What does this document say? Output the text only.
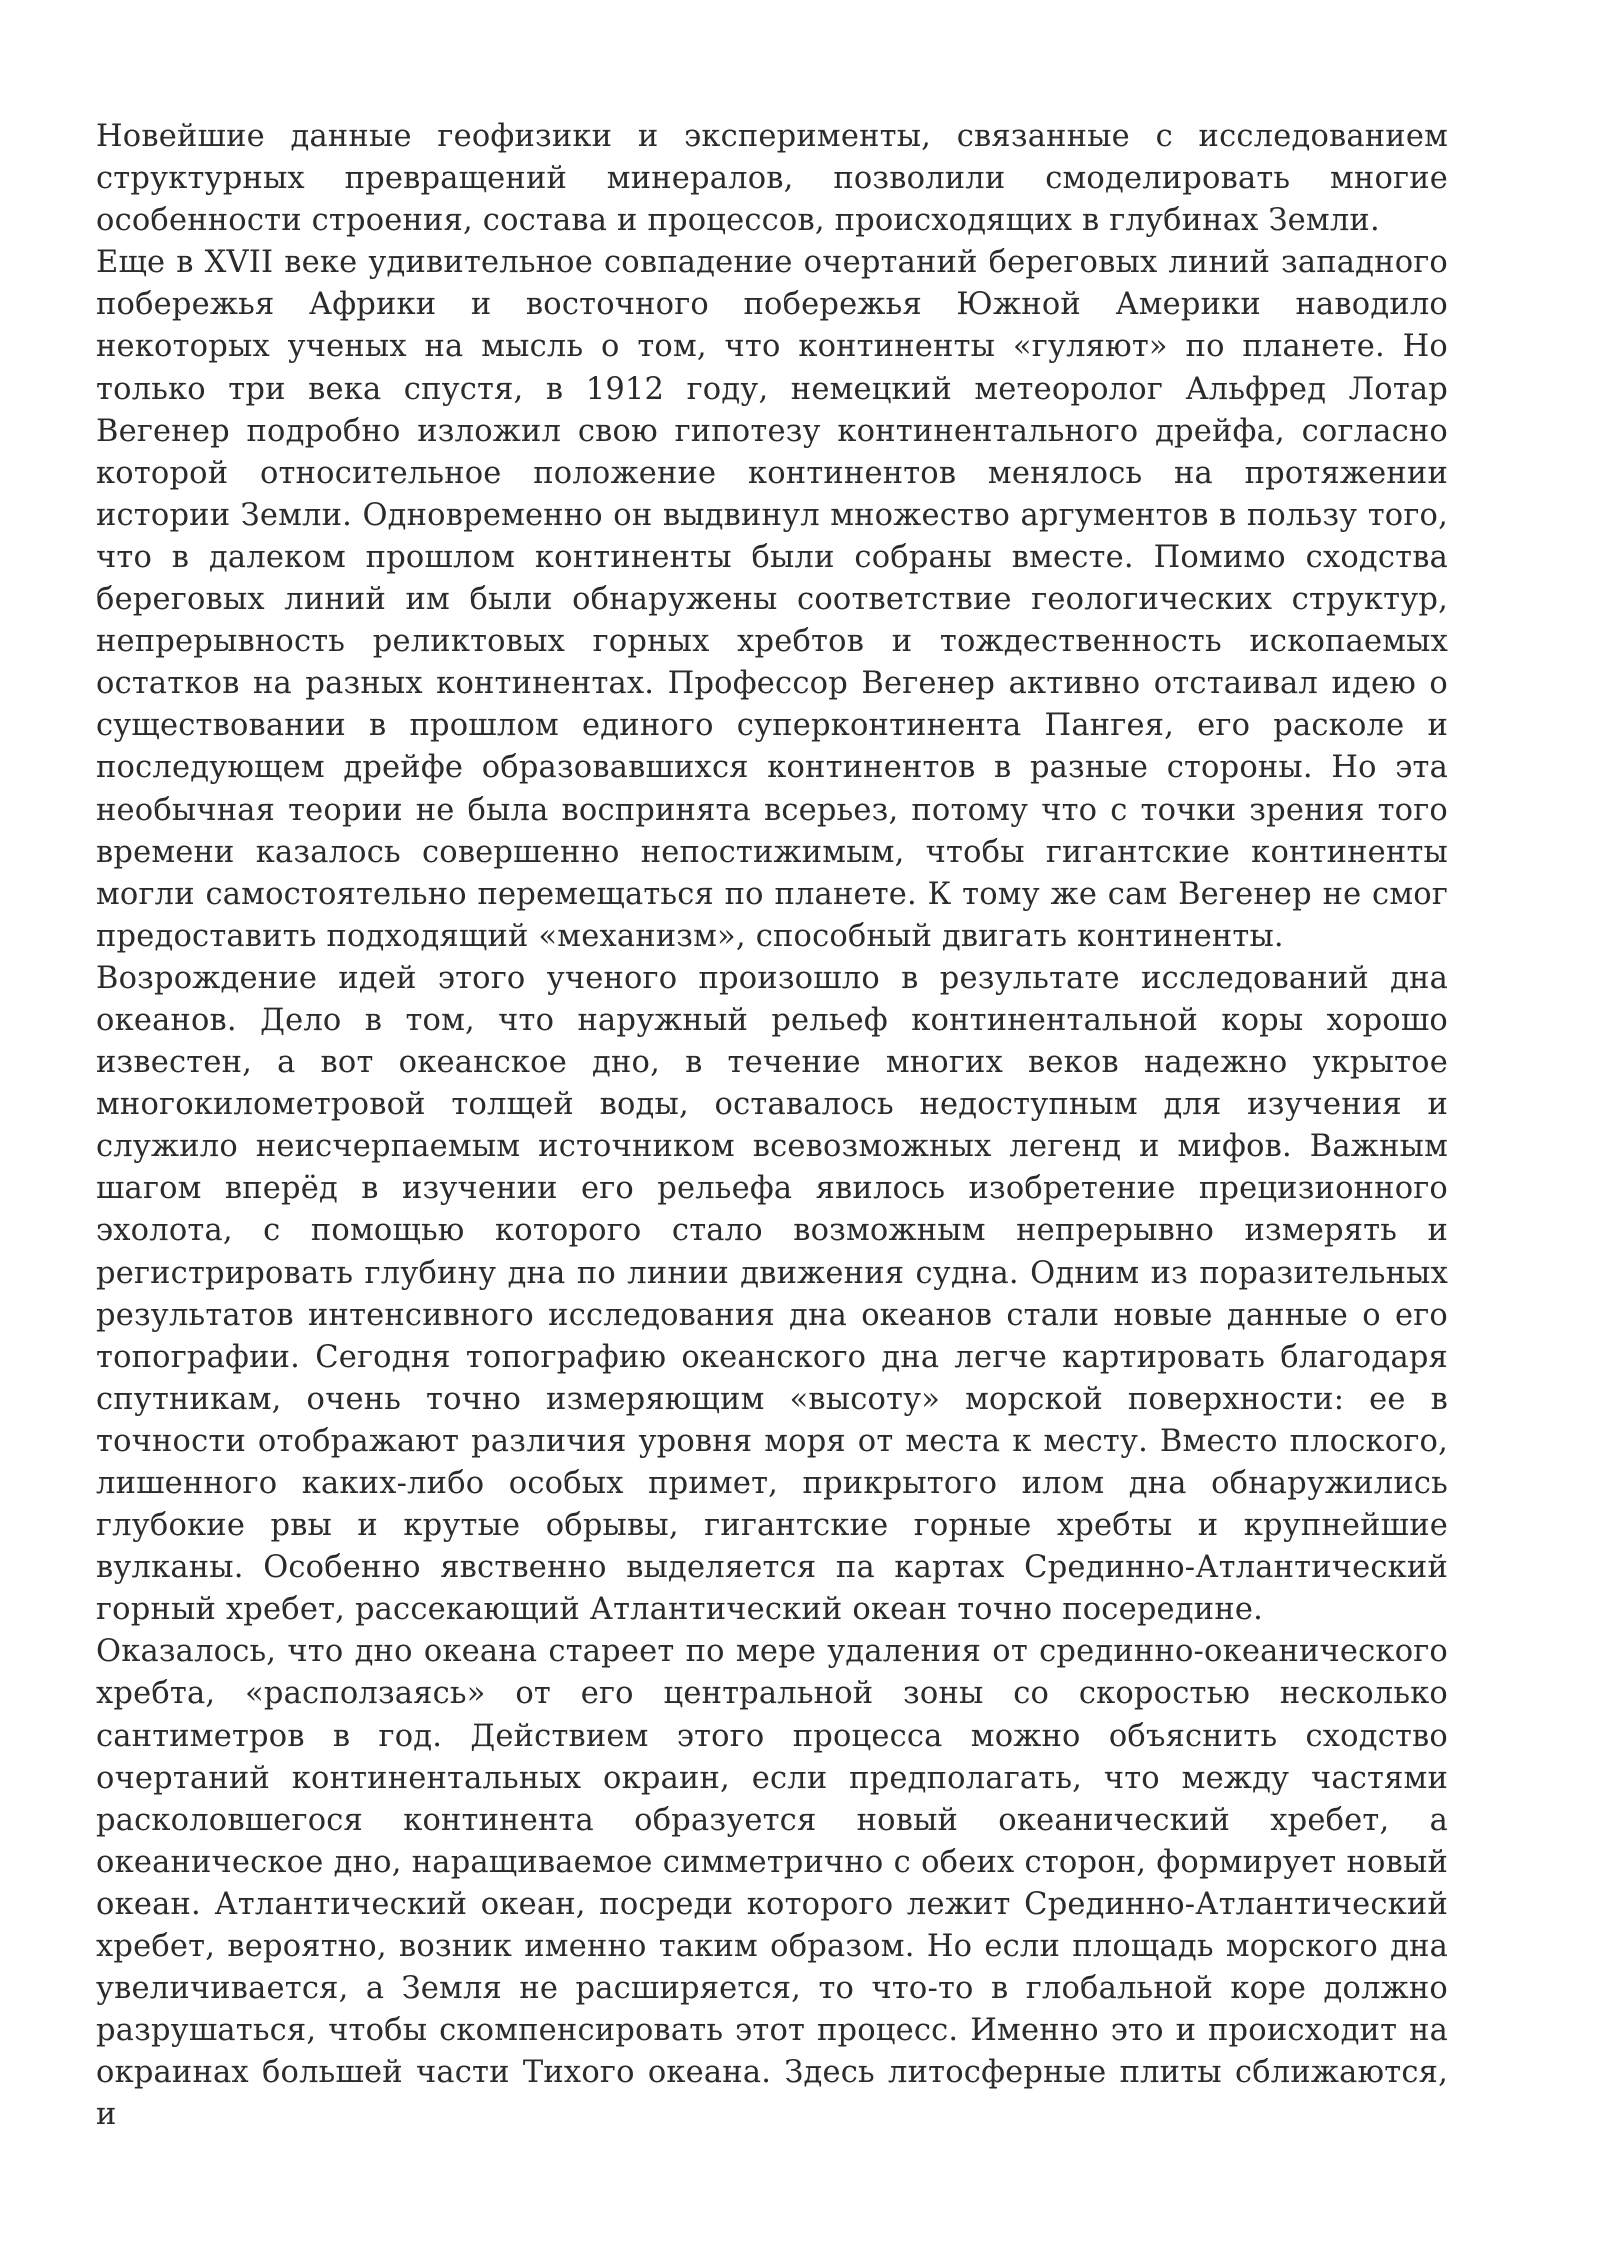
Новейшие данные геофизики и эксперименты, связанные с исследованием структурных превращений минералов, позволили смоделировать многие особенности строения, состава и процессов, происходящих в глубинах Земли.

Еще в XVII веке удивительное совпадение очертаний береговых линий западного побережья Африки и восточного побережья Южной Америки наводило некоторых ученых на мысль о том, что континенты «гуляют» по планете. Но только три века спустя, в 1912 году, немецкий метеоролог Альфред Лотар Вегенер подробно изложил свою гипотезу континентального дрейфа, согласно которой относительное положение континентов менялось на протяжении истории Земли. Одновременно он выдвинул множество аргументов в пользу того, что в далеком прошлом континенты были собраны вместе. Помимо сходства береговых линий им были обнаружены соответствие геологических структур, непрерывность реликтовых горных хребтов и тождественность ископаемых остатков на разных континентах. Профессор Вегенер активно отстаивал идею о существовании в прошлом единого суперконтинента Пангея, его расколе и последующем дрейфе образовавшихся континентов в разные стороны. Но эта необычная теории не была воспринята всерьез, потому что с точки зрения того времени казалось совершенно непостижимым, чтобы гигантские континенты могли самостоятельно перемещаться по планете. К тому же сам Вегенер не смог предоставить подходящий «механизм», способный двигать континенты.

Возрождение идей этого ученого произошло в результате исследований дна океанов. Дело в том, что наружный рельеф континентальной коры хорошо известен, а вот океанское дно, в течение многих веков надежно укрытое многокилометровой толщей воды, оставалось недоступным для изучения и служило неисчерпаемым источником всевозможных легенд и мифов. Важным шагом вперёд в изучении его рельефа явилось изобретение прецизионного эхолота, с помощью которого стало возможным непрерывно измерять и регистрировать глубину дна по линии движения судна. Одним из поразительных результатов интенсивного исследования дна океанов стали новые данные о его топографии. Сегодня топографию океанского дна легче картировать благодаря спутникам, очень точно измеряющим «высоту» морской поверхности: ее в точности отображают различия уровня моря от места к месту. Вместо плоского, лишенного каких-либо особых примет, прикрытого илом дна обнаружились глубокие рвы и крутые обрывы, гигантские горные хребты и крупнейшие вулканы. Особенно явственно выделяется па картах Срединно-Атлантический горный хребет, рассекающий Атлантический океан точно посередине.

Оказалось, что дно океана стареет по мере удаления от срединно-океанического хребта, «расползаясь» от его центральной зоны со скоростью несколько сантиметров в год. Действием этого процесса можно объяснить сходство очертаний континентальных окраин, если предполагать, что между частями расколовшегося континента образуется новый океанический хребет, а океаническое дно, наращиваемое симметрично с обеих сторон, формирует новый океан. Атлантический океан, посреди которого лежит Срединно-Атлантический хребет, вероятно, возник именно таким образом. Но если площадь морского дна увеличивается, а Земля не расширяется, то что-то в глобальной коре должно разрушаться, чтобы скомпенсировать этот процесс. Именно это и происходит на окраинах большей части Тихого океана. Здесь литосферные плиты сближаются, и
